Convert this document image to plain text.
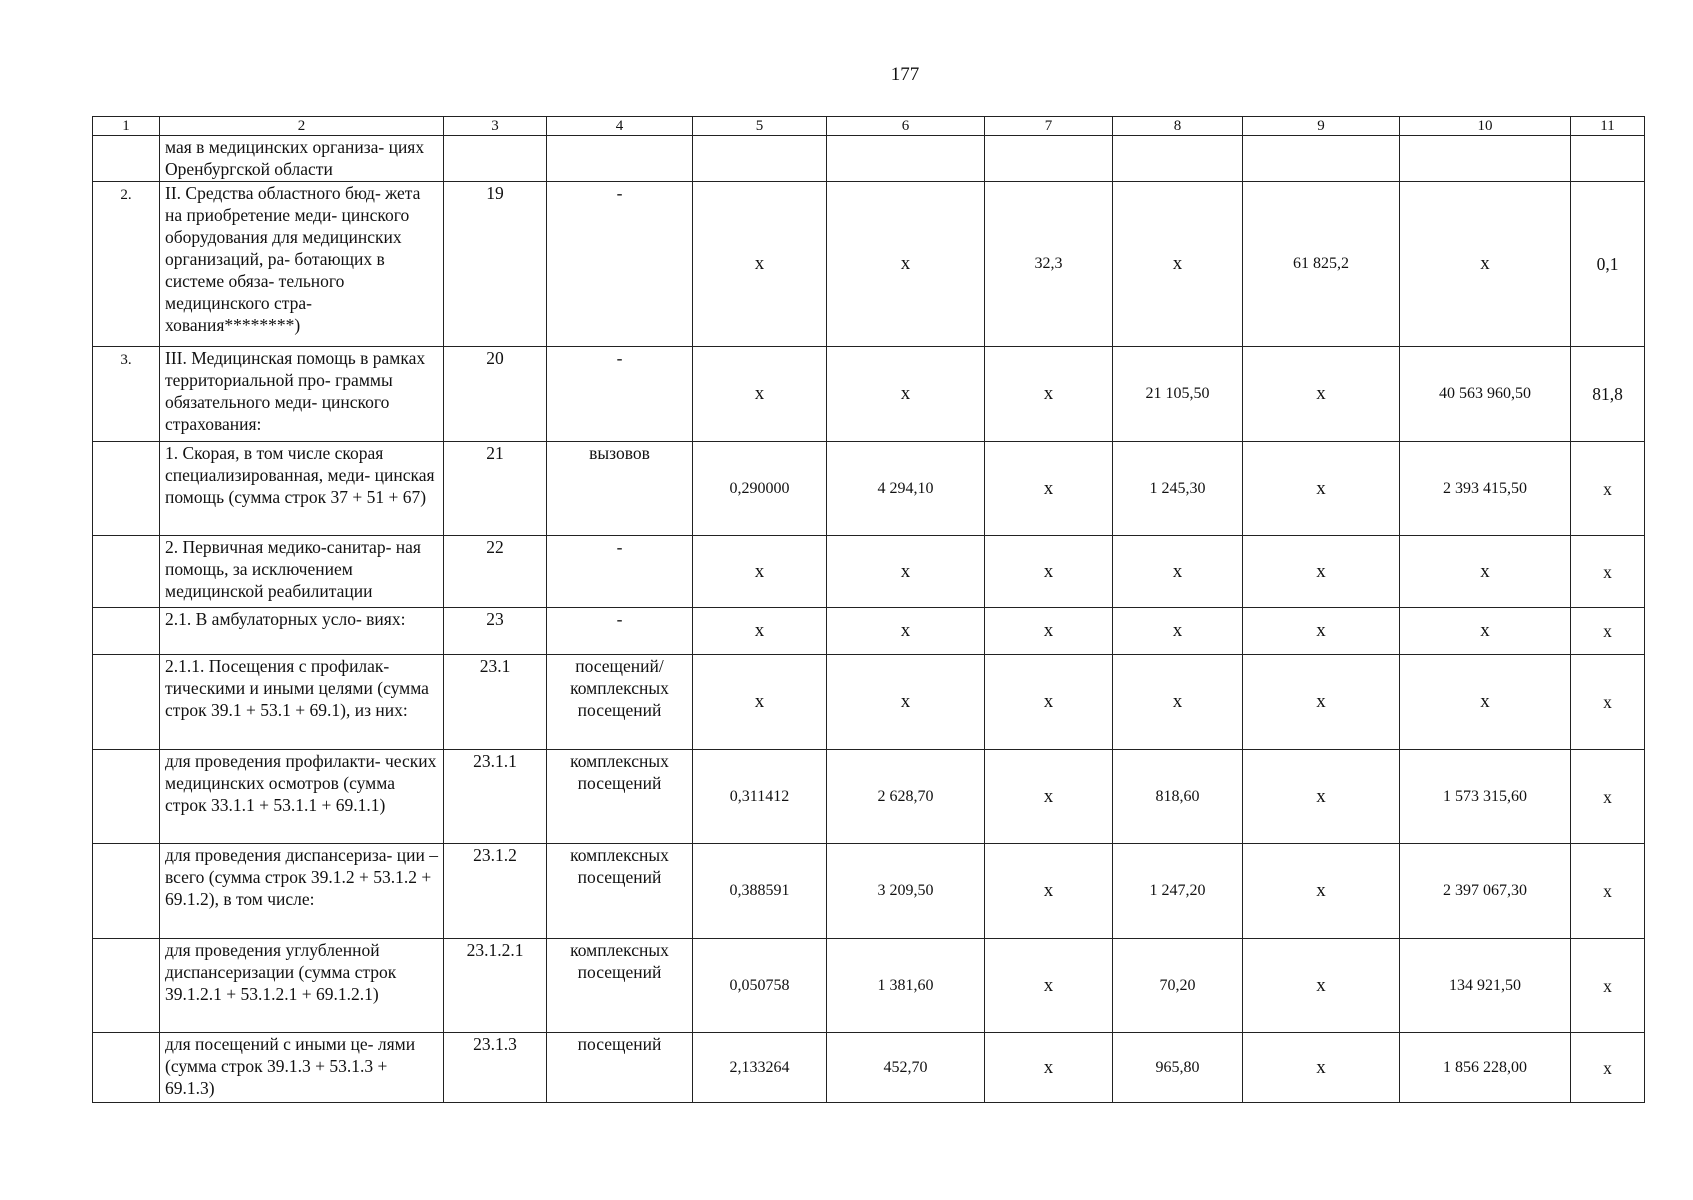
177
1	2	3	4	5	6	7	8	9	10	11
	мая в медицинских организа- циях Оренбургской области									
2.	II. Средства областного бюд- жета на приобретение меди- цинского оборудования для медицинских организаций, ра- ботающих в системе обяза- тельного медицинского стра- хования********)	19	-	х	х	32,3	х	61 825,2	х	0,1
3.	III. Медицинская помощь в рамках территориальной про- граммы обязательного меди- цинского страхования:	20	-	х	х	х	21 105,50	х	40 563 960,50	81,8
	1. Скорая, в том числе скорая специализированная, меди- цинская помощь (сумма строк 37 + 51 + 67)	21	вызовов	0,290000	4 294,10	х	1 245,30	х	2 393 415,50	х
	2. Первичная медико-санитар- ная помощь, за исключением медицинской реабилитации	22	-	х	х	х	х	х	х	х
	2.1. В амбулаторных усло- виях:	23	-	х	х	х	х	х	х	х
	2.1.1. Посещения с профилак- тическими и иными целями (сумма строк 39.1 + 53.1 + 69.1), из них:	23.1	посещений/ комплексных посещений	х	х	х	х	х	х	х
	для проведения профилакти- ческих медицинских осмотров (сумма строк 33.1.1 + 53.1.1 + 69.1.1)	23.1.1	комплексных посещений	0,311412	2 628,70	х	818,60	х	1 573 315,60	х
	для проведения диспансериза- ции – всего (сумма строк 39.1.2 + 53.1.2 + 69.1.2), в том числе:	23.1.2	комплексных посещений	0,388591	3 209,50	х	1 247,20	х	2 397 067,30	х
	для проведения углубленной диспансеризации (сумма строк 39.1.2.1 + 53.1.2.1 + 69.1.2.1)	23.1.2.1	комплексных посещений	0,050758	1 381,60	х	70,20	х	134 921,50	х
	для посещений с иными це- лями (сумма строк 39.1.3 + 53.1.3 + 69.1.3)	23.1.3	посещений	2,133264	452,70	х	965,80	х	1 856 228,00	х
